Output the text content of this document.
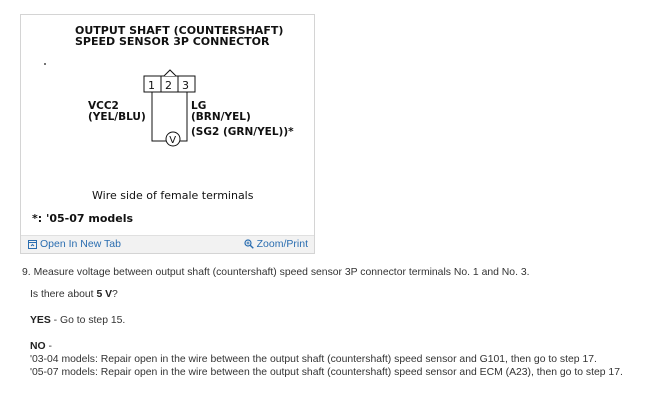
OUTPUT SHAFT (COUNTERSHAFT)
SPEED SENSOR 3P CONNECTOR
1 2 3
V
VCC2
(YEL/BLU)
LG
(BRN/YEL)
(SG2 (GRN/YEL))*
Wire side of female terminals
*: '05-07 models
Open In New Tab	Zoom/Print

9. Measure voltage between output shaft (countershaft) speed sensor 3P connector terminals No. 1 and No. 3.

Is there about 5 V?
YES - Go to step 15.
NO -
'03-04 models: Repair open in the wire between the output shaft (countershaft) speed sensor and G101, then go to step 17.
'05-07 models: Repair open in the wire between the output shaft (countershaft) speed sensor and ECM (A23), then go to step 17.
